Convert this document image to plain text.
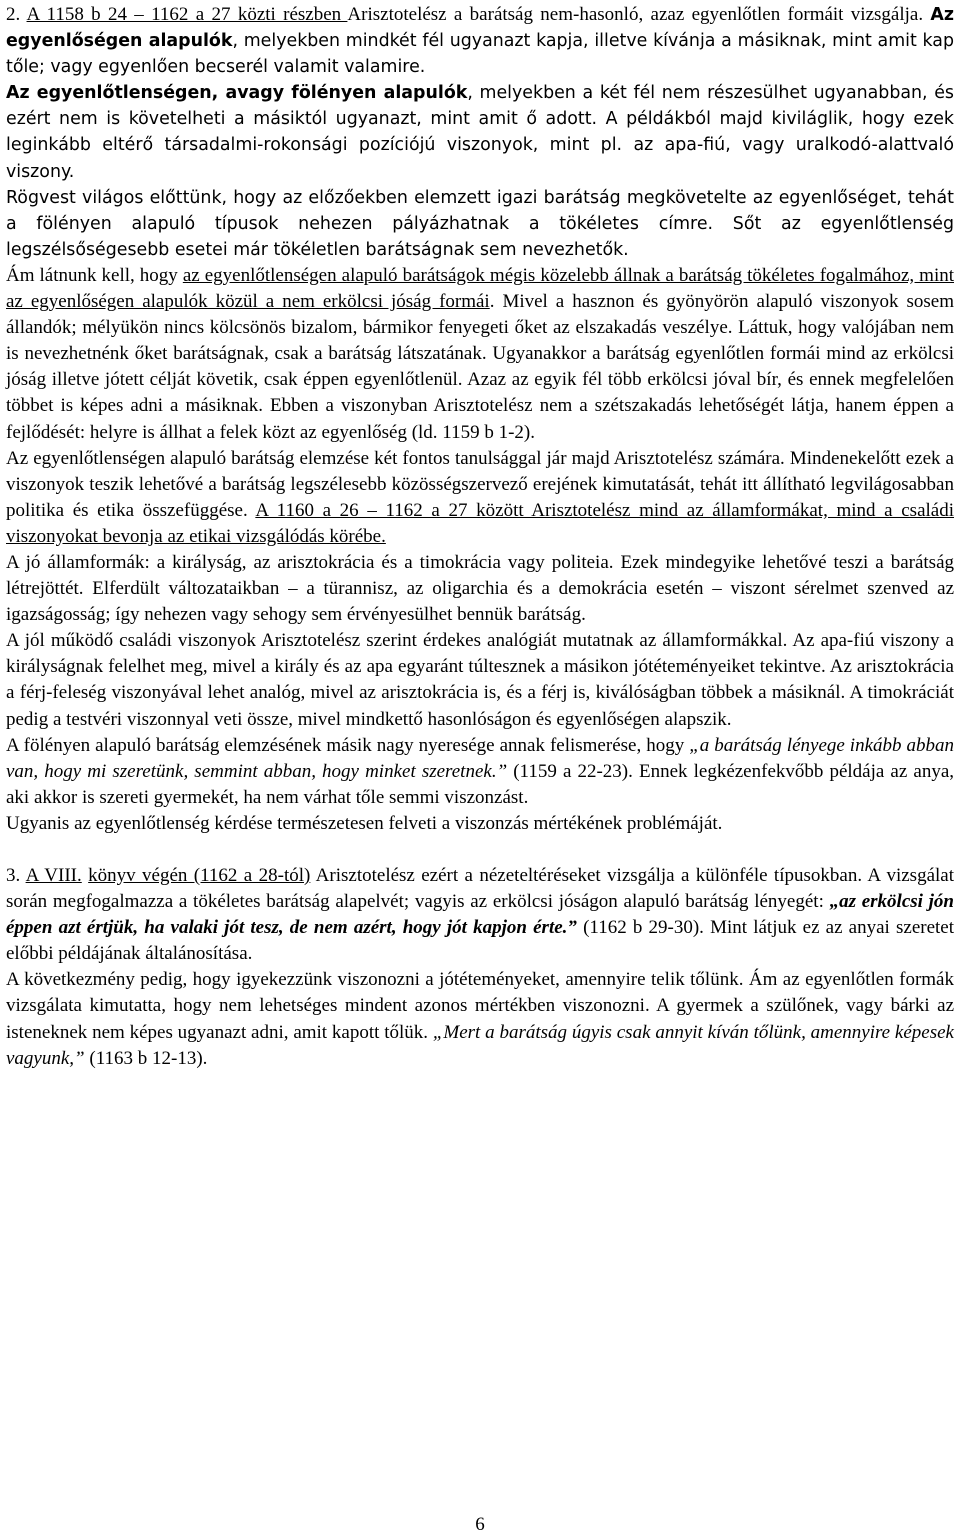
2. A 1158 b 24 – 1162 a 27 közti részben Arisztotelész a barátság nem-hasonló, azaz egyenlőtlen formáit vizsgálja. Az egyenlőségen alapulók, melyekben mindkét fél ugyanazt kapja, illetve kívánja a másiknak, mint amit kap tőle; vagy egyenlően becserél valamit valamire.

Az egyenlőtlenségen, avagy fölényen alapulók, melyekben a két fél nem részesülhet ugyanabban, és ezért nem is követelheti a másiktól ugyanazt, mint amit ő adott. A példákból majd kiviláglik, hogy ezek leginkább eltérő társadalmi-rokonsági pozíciójú viszonyok, mint pl. az apa-fiú, vagy uralkodó-alattvaló viszony.

Rögvest világos előttünk, hogy az előzőekben elemzett igazi barátság megkövetelte az egyenlőséget, tehát a fölényen alapuló típusok nehezen pályázhatnak a tökéletes címre. Sőt az egyenlőtlenség legszélsőségesebb esetei már tökéletlen barátságnak sem nevezhetők.

Ám látnunk kell, hogy az egyenlőtlenségen alapuló barátságok mégis közelebb állnak a barátság tökéletes fogalmához, mint az egyenlőségen alapulók közül a nem erkölcsi jóság formái. Mivel a hasznon és gyönyörön alapuló viszonyok sosem állandók; mélyükön nincs kölcsönös bizalom, bármikor fenyegeti őket az elszakadás veszélye. Láttuk, hogy valójában nem is nevezhetnénk őket barátságnak, csak a barátság látszatának. Ugyanakkor a barátság egyenlőtlen formái mind az erkölcsi jóság illetve jótett célját követik, csak éppen egyenlőtlenül. Azaz az egyik fél több erkölcsi jóval bír, és ennek megfelelően többet is képes adni a másiknak. Ebben a viszonyban Arisztotelész nem a szétszakadás lehetőségét látja, hanem éppen a fejlődését: helyre is állhat a felek közt az egyenlőség (ld. 1159 b 1-2).

Az egyenlőtlenségen alapuló barátság elemzése két fontos tanulsággal jár majd Arisztotelész számára. Mindenekelőtt ezek a viszonyok teszik lehetővé a barátság legszélesebb közösségszervező erejének kimutatását, tehát itt állítható legvilágosabban politika és etika összefüggése. A 1160 a 26 – 1162 a 27 között Arisztotelész mind az államformákat, mind a családi viszonyokat bevonja az etikai vizsgálódás körébe.

A jó államformák: a királyság, az arisztokrácia és a timokrácia vagy politeia. Ezek mindegyike lehetővé teszi a barátság létrejöttét. Elferdült változataikban – a türannisz, az oligarchia és a demokrácia esetén – viszont sérelmet szenved az igazságosság; így nehezen vagy sehogy sem érvényesülhet bennük barátság.

A jól működő családi viszonyok Arisztotelész szerint érdekes analógiát mutatnak az államformákkal. Az apa-fiú viszony a királyságnak felelhet meg, mivel a király és az apa egyaránt túltesznek a másikon jótéteményeiket tekintve. Az arisztokrácia a férj-feleség viszonyával lehet analóg, mivel az arisztokrácia is, és a férj is, kiválóságban többek a másiknál. A timokráciát pedig a testvéri viszonnyal veti össze, mivel mindkettő hasonlóságon és egyenlőségen alapszik.

A fölényen alapuló barátság elemzésének másik nagy nyeresége annak felismerése, hogy „a barátság lényege inkább abban van, hogy mi szeretünk, semmint abban, hogy minket szeretnek.” (1159 a 22-23). Ennek legkézenfekvőbb példája az anya, aki akkor is szereti gyermekét, ha nem várhat tőle semmi viszonzást.

Ugyanis az egyenlőtlenség kérdése természetesen felveti a viszonzás mértékének problémáját.

3. A VIII. könyv végén (1162 a 28-tól) Arisztotelész ezért a nézeteltéréseket vizsgálja a különféle típusokban. A vizsgálat során megfogalmazza a tökéletes barátság alapelvét; vagyis az erkölcsi jóságon alapuló barátság lényegét: „az erkölcsi jón éppen azt értjük, ha valaki jót tesz, de nem azért, hogy jót kapjon érte.” (1162 b 29-30). Mint látjuk ez az anyai szeretet előbbi példájának általánosítása.

A következmény pedig, hogy igyekezzünk viszonozni a jótéteményeket, amennyire telik tőlünk. Ám az egyenlőtlen formák vizsgálata kimutatta, hogy nem lehetséges mindent azonos mértékben viszonozni. A gyermek a szülőnek, vagy bárki az isteneknek nem képes ugyanazt adni, amit kapott tőlük. „Mert a barátság úgyis csak annyit kíván tőlünk, amennyire képesek vagyunk,” (1163 b 12-13).

6
